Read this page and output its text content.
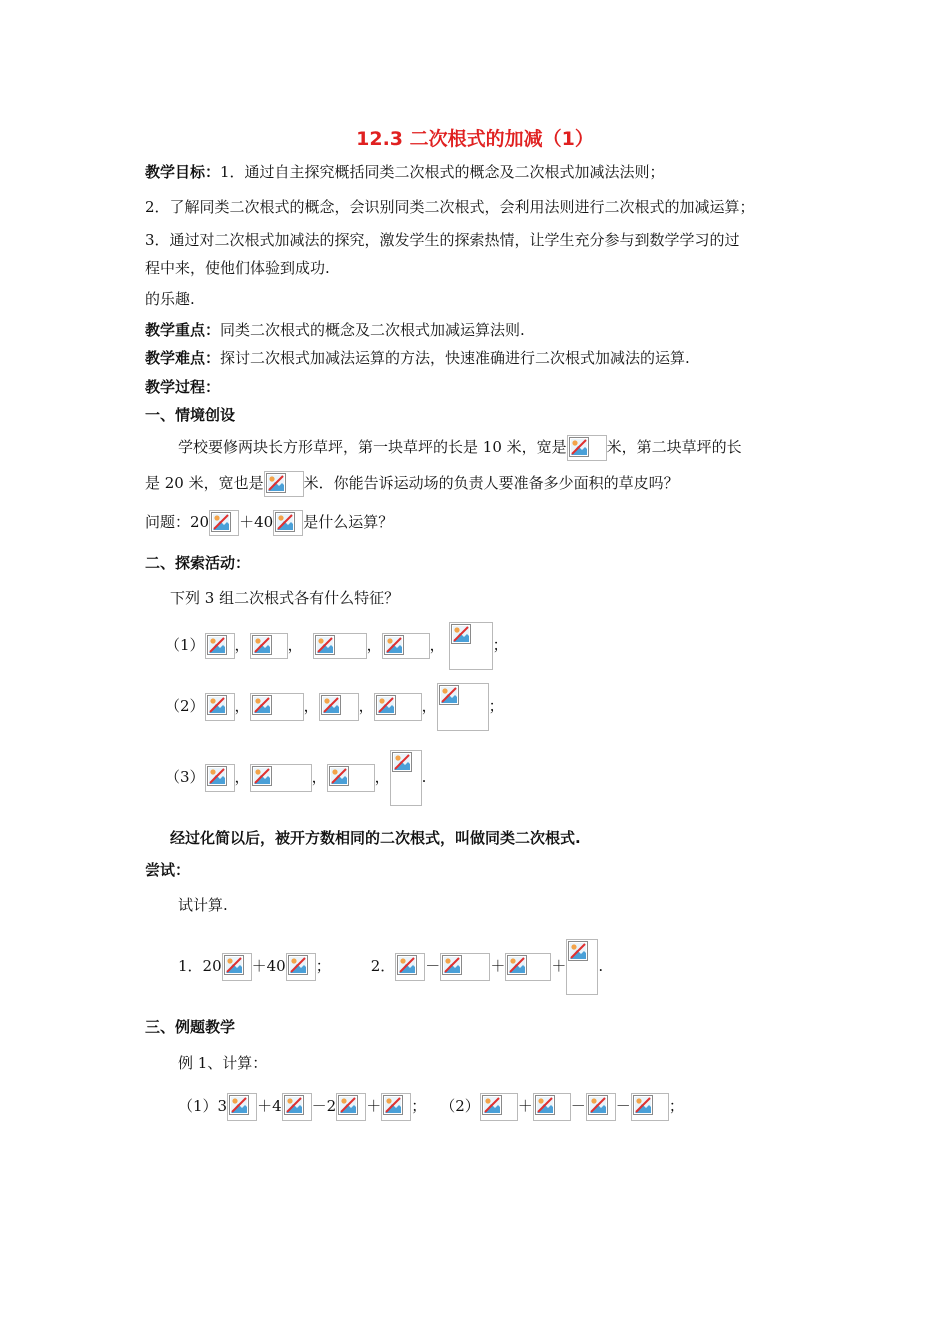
12.3 二次根式的加减（1）
教学目标：1．通过自主探究概括同类二次根式的概念及二次根式加减法法则；
2．了解同类二次根式的概念，会识别同类二次根式，会利用法则进行二次根式的加减运算；
3．通过对二次根式加减法的探究，激发学生的探索热情，让学生充分参与到数学学习的过
程中来，使他们体验到成功.
的乐趣.
教学重点：同类二次根式的概念及二次根式加减运算法则.
教学难点：探讨二次根式加减法运算的方法，快速准确进行二次根式加减法的运算.
教学过程：
一、情境创设
学校要修两块长方形草坪，第一块草坪的长是 10 米，宽是	米，第二块草坪的长
是 20 米，宽也是	米．你能告诉运动场的负责人要准备多少面积的草皮吗？
问题：20 ＋40 是什么运算？
二、探索活动：
下列 3 组二次根式各有什么特征？
（1） ，	，	，	，	；
（2） ，	，	，	，	；
（3） ，	，	， .
经过化简以后，被开方数相同的二次根式，叫做同类二次根式.
尝试：
试计算.
1．20 ＋40 ；	2． －	＋	＋ .
三、例题教学
例 1、计算：
（1）3 ＋4 －2 ＋ ； （2）	＋	－ －	；
